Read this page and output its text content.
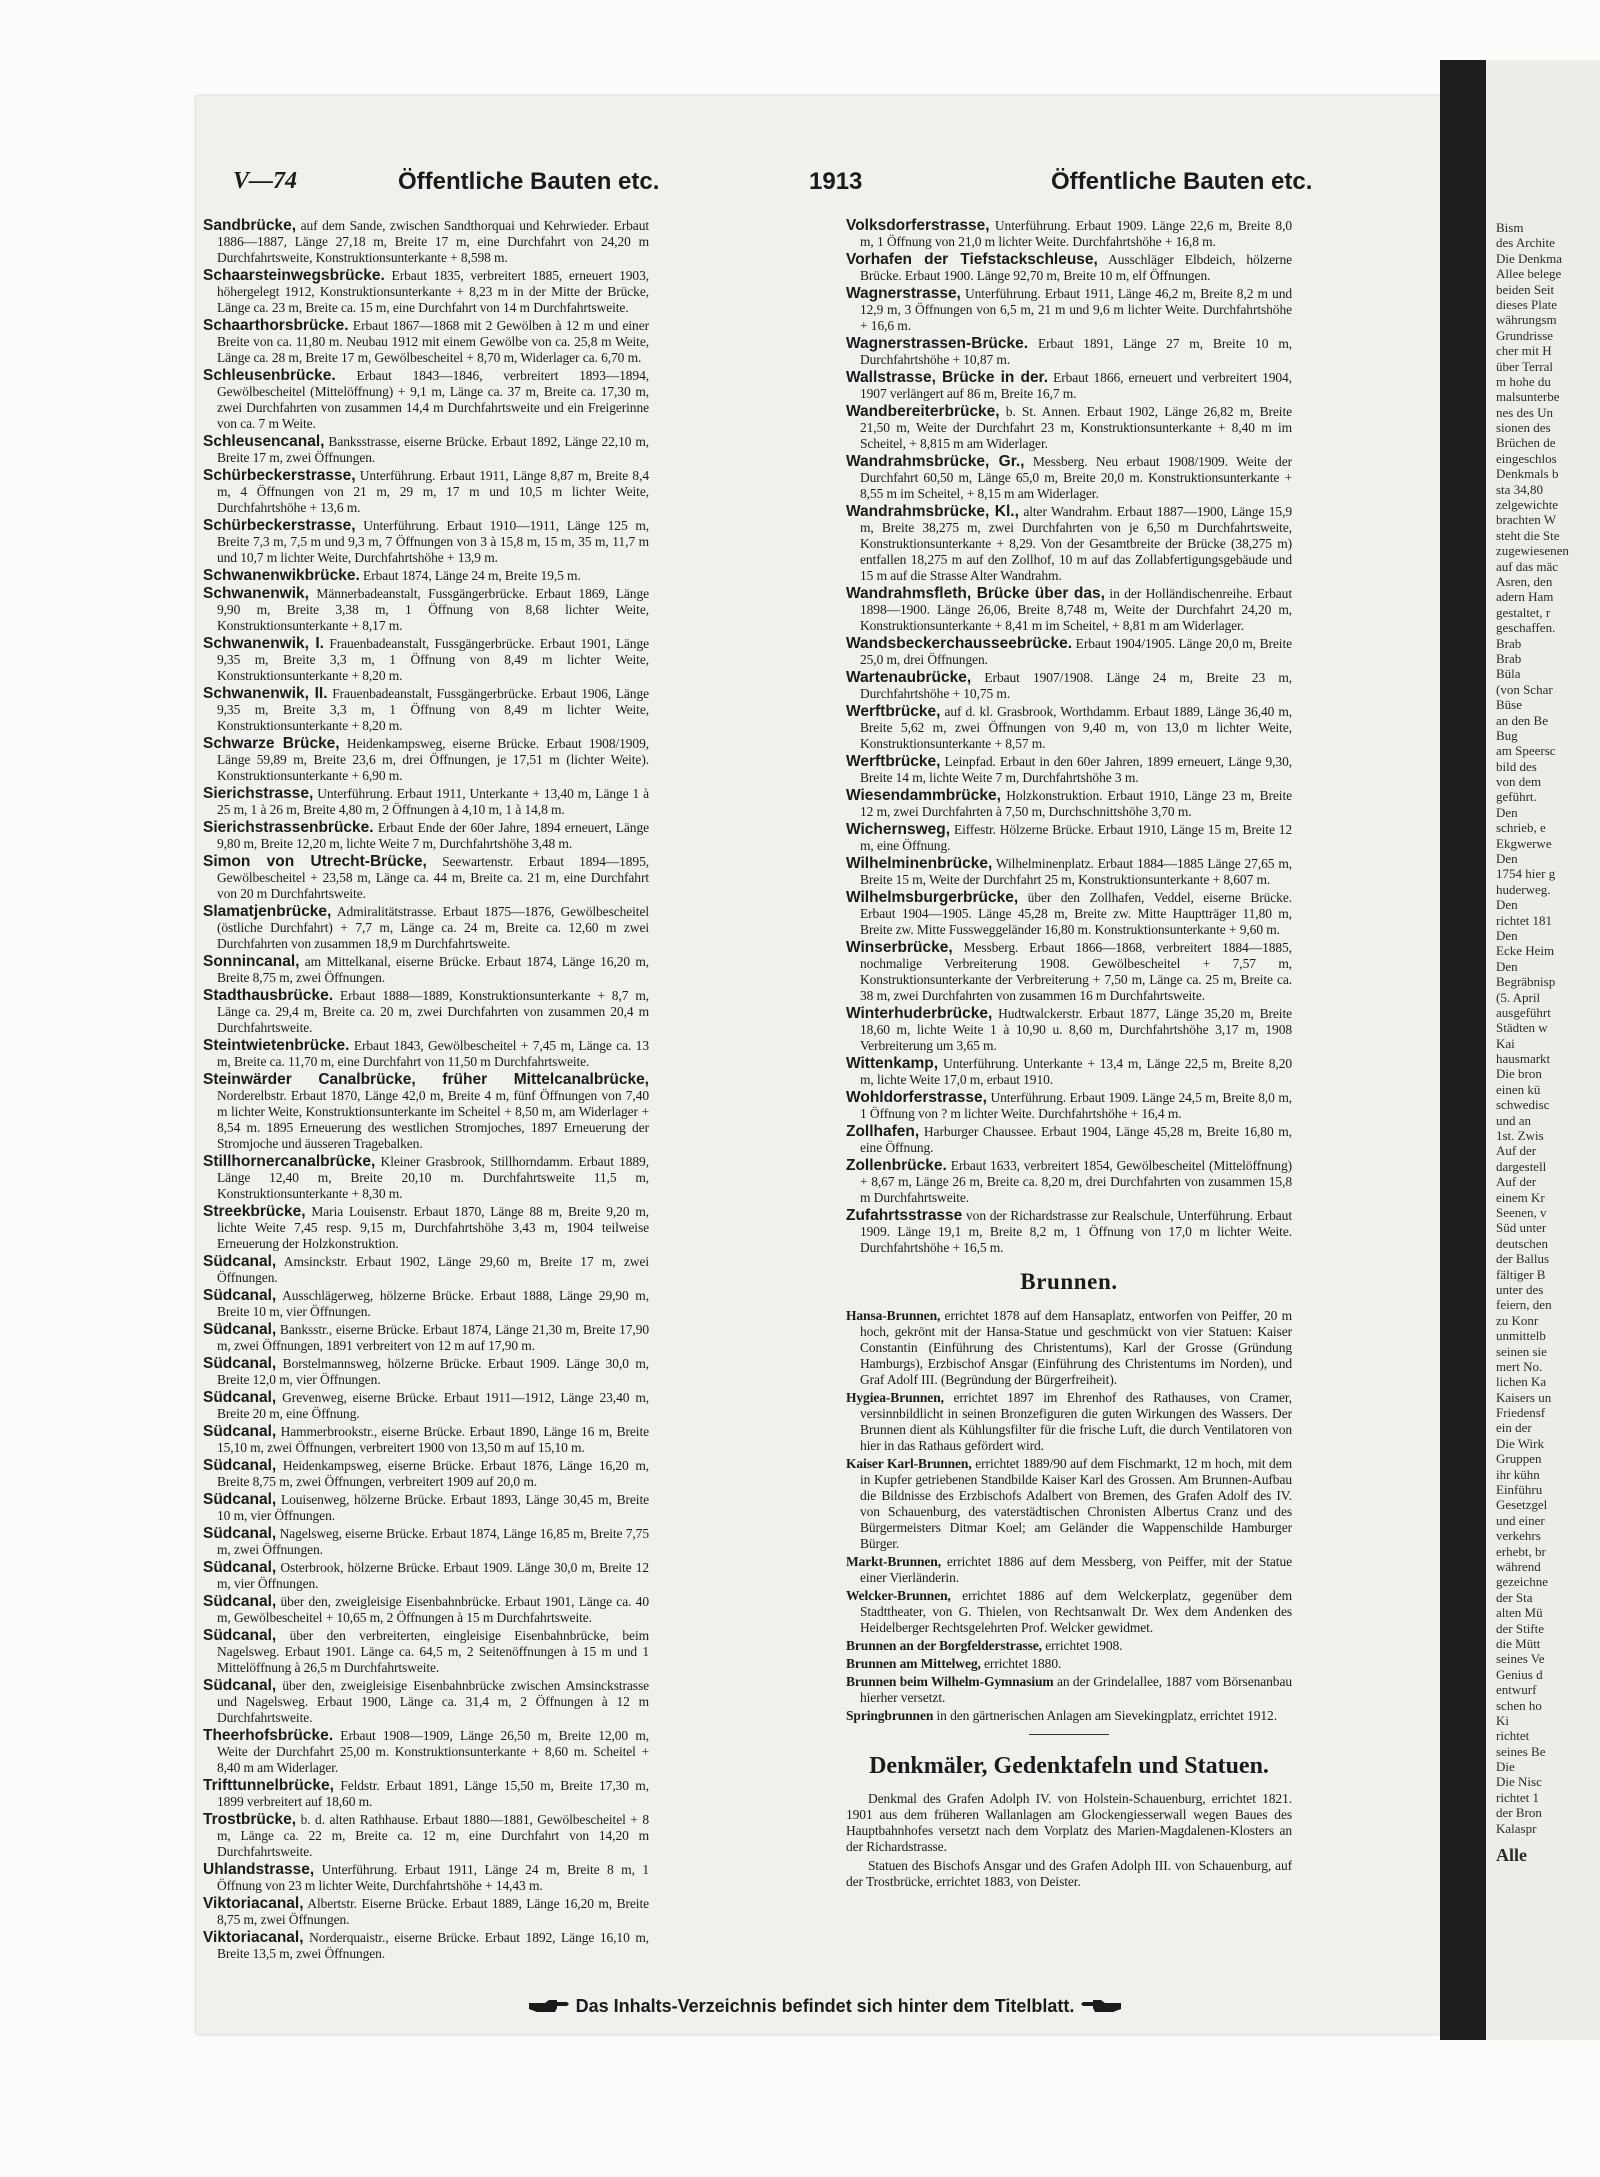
Bism
des Archite
Die Denkma
Allee belege
beiden Seit
dieses Plate
währungsm
Grundrisse
cher mit H
über Terral
m hohe du
malsunterbe
nes des Un
sionen des
Brüchen de
eingeschlos
Denkmals b
sta 34,80
zelgewichte
brachten W
steht die Ste
zugewiesenen
auf das mäc
Asren, den
adern Ham
gestaltet, r
geschaffen.
Brab
Brab
Büla
(von Schar
Büse
an den Be
Bug
am Speersc
bild des
von dem
geführt.
Den
schrieb, e
Ekgwerwe
Den
1754 hier g
huderweg.
Den
richtet 181
Den
Ecke Heim
Den
Begräbnisp
(5. April
ausgeführt
Städten w
Kai
hausmarkt
Die bron
einen kü
schwedisc
und an
1st. Zwis
Auf der
dargestell
Auf der
einem Kr
Seenen, v
Süd unter
deutschen
der Ballus
fältiger B
unter des
feiern, den
zu Konr
unmittelb
seinen sie
mert No.
lichen Ka
Kaisers un
Friedensf
ein der
Die Wirk
Gruppen
ihr kühn
Einführu
Gesetzgel
und einer
verkehrs
erhebt, br
während
gezeichne
der Sta
alten Mü
der Stifte
die Mütt
seines Ve
Genius d
entwurf
schen ho
Ki
richtet
seines Be
Die
Die Nisc
richtet 1
der Bron
Kalaspr
Alle
V—74	Öffentliche Bauten etc.	1913	Öffentliche Bauten etc.
Sandbrücke, auf dem Sande, zwischen Sandthorquai und Kehrwieder. Erbaut 1886—1887, Länge 27,18 m, Breite 17 m, eine Durchfahrt von 24,20 m Durchfahrtsweite, Konstruktionsunterkante + 8,598 m.
Schaarsteinwegsbrücke. Erbaut 1835, verbreitert 1885, erneuert 1903, höhergelegt 1912, Konstruktionsunterkante + 8,23 m in der Mitte der Brücke, Länge ca. 23 m, Breite ca. 15 m, eine Durchfahrt von 14 m Durchfahrtsweite.
Schaarthorsbrücke. Erbaut 1867—1868 mit 2 Gewölben à 12 m und einer Breite von ca. 11,80 m. Neubau 1912 mit einem Gewölbe von ca. 25,8 m Weite, Länge ca. 28 m, Breite 17 m, Gewölbescheitel + 8,70 m, Widerlager ca. 6,70 m.
Schleusenbrücke. Erbaut 1843—1846, verbreitert 1893—1894, Gewölbescheitel (Mittelöffnung) + 9,1 m, Länge ca. 37 m, Breite ca. 17,30 m, zwei Durchfahrten von zusammen 14,4 m Durchfahrtsweite und ein Freigerinne von ca. 7 m Weite.
Schleusencanal, Banksstrasse, eiserne Brücke. Erbaut 1892, Länge 22,10 m, Breite 17 m, zwei Öffnungen.
Schürbeckerstrasse, Unterführung. Erbaut 1911, Länge 8,87 m, Breite 8,4 m, 4 Öffnungen von 21 m, 29 m, 17 m und 10,5 m lichter Weite, Durchfahrtshöhe + 13,6 m.
Schürbeckerstrasse, Unterführung. Erbaut 1910—1911, Länge 125 m, Breite 7,3 m, 7,5 m und 9,3 m, 7 Öffnungen von 3 à 15,8 m, 15 m, 35 m, 11,7 m und 10,7 m lichter Weite, Durchfahrtshöhe + 13,9 m.
Schwanenwikbrücke. Erbaut 1874, Länge 24 m, Breite 19,5 m.
Schwanenwik, Männerbadeanstalt, Fussgängerbrücke. Erbaut 1869, Länge 9,90 m, Breite 3,38 m, 1 Öffnung von 8,68 lichter Weite, Konstruktionsunterkante + 8,17 m.
Schwanenwik, I. Frauenbadeanstalt, Fussgängerbrücke. Erbaut 1901, Länge 9,35 m, Breite 3,3 m, 1 Öffnung von 8,49 m lichter Weite, Konstruktionsunterkante + 8,20 m.
Schwanenwik, II. Frauenbadeanstalt, Fussgängerbrücke. Erbaut 1906, Länge 9,35 m, Breite 3,3 m, 1 Öffnung von 8,49 m lichter Weite, Konstruktionsunterkante + 8,20 m.
Schwarze Brücke, Heidenkampsweg, eiserne Brücke. Erbaut 1908/1909, Länge 59,89 m, Breite 23,6 m, drei Öffnungen, je 17,51 m (lichter Weite). Konstruktionsunterkante + 6,90 m.
Sierichstrasse, Unterführung. Erbaut 1911, Unterkante + 13,40 m, Länge 1 à 25 m, 1 à 26 m, Breite 4,80 m, 2 Öffnungen à 4,10 m, 1 à 14,8 m.
Sierichstrassenbrücke. Erbaut Ende der 60er Jahre, 1894 erneuert, Länge 9,80 m, Breite 12,20 m, lichte Weite 7 m, Durchfahrtshöhe 3,48 m.
Simon von Utrecht-Brücke, Seewartenstr. Erbaut 1894—1895, Gewölbescheitel + 23,58 m, Länge ca. 44 m, Breite ca. 21 m, eine Durchfahrt von 20 m Durchfahrtsweite.
Slamatjenbrücke, Admiralitätstrasse. Erbaut 1875—1876, Gewölbescheitel (östliche Durchfahrt) + 7,7 m, Länge ca. 24 m, Breite ca. 12,60 m zwei Durchfahrten von zusammen 18,9 m Durchfahrtsweite.
Sonnincanal, am Mittelkanal, eiserne Brücke. Erbaut 1874, Länge 16,20 m, Breite 8,75 m, zwei Öffnungen.
Stadthausbrücke. Erbaut 1888—1889, Konstruktionsunterkante + 8,7 m, Länge ca. 29,4 m, Breite ca. 20 m, zwei Durchfahrten von zusammen 20,4 m Durchfahrtsweite.
Steintwietenbrücke. Erbaut 1843, Gewölbescheitel + 7,45 m, Länge ca. 13 m, Breite ca. 11,70 m, eine Durchfahrt von 11,50 m Durchfahrtsweite.
Steinwärder Canalbrücke, früher Mittelcanalbrücke, Norderelbstr. Erbaut 1870, Länge 42,0 m, Breite 4 m, fünf Öffnungen von 7,40 m lichter Weite, Konstruktionsunterkante im Scheitel + 8,50 m, am Widerlager + 8,54 m. 1895 Erneuerung des westlichen Stromjoches, 1897 Erneuerung der Stromjoche und äusseren Tragebalken.
Stillhornercanalbrücke, Kleiner Grasbrook, Stillhorndamm. Erbaut 1889, Länge 12,40 m, Breite 20,10 m. Durchfahrtsweite 11,5 m, Konstruktionsunterkante + 8,30 m.
Streekbrücke, Maria Louisenstr. Erbaut 1870, Länge 88 m, Breite 9,20 m, lichte Weite 7,45 resp. 9,15 m, Durchfahrtshöhe 3,43 m, 1904 teilweise Erneuerung der Holzkonstruktion.
Südcanal, Amsinckstr. Erbaut 1902, Länge 29,60 m, Breite 17 m, zwei Öffnungen.
Südcanal, Ausschlägerweg, hölzerne Brücke. Erbaut 1888, Länge 29,90 m, Breite 10 m, vier Öffnungen.
Südcanal, Banksstr., eiserne Brücke. Erbaut 1874, Länge 21,30 m, Breite 17,90 m, zwei Öffnungen, 1891 verbreitert von 12 m auf 17,90 m.
Südcanal, Borstelmannsweg, hölzerne Brücke. Erbaut 1909. Länge 30,0 m, Breite 12,0 m, vier Öffnungen.
Südcanal, Grevenweg, eiserne Brücke. Erbaut 1911—1912, Länge 23,40 m, Breite 20 m, eine Öffnung.
Südcanal, Hammerbrookstr., eiserne Brücke. Erbaut 1890, Länge 16 m, Breite 15,10 m, zwei Öffnungen, verbreitert 1900 von 13,50 m auf 15,10 m.
Südcanal, Heidenkampsweg, eiserne Brücke. Erbaut 1876, Länge 16,20 m, Breite 8,75 m, zwei Öffnungen, verbreitert 1909 auf 20,0 m.
Südcanal, Louisenweg, hölzerne Brücke. Erbaut 1893, Länge 30,45 m, Breite 10 m, vier Öffnungen.
Südcanal, Nagelsweg, eiserne Brücke. Erbaut 1874, Länge 16,85 m, Breite 7,75 m, zwei Öffnungen.
Südcanal, Osterbrook, hölzerne Brücke. Erbaut 1909. Länge 30,0 m, Breite 12 m, vier Öffnungen.
Südcanal, über den, zweigleisige Eisenbahnbrücke. Erbaut 1901, Länge ca. 40 m, Gewölbescheitel + 10,65 m, 2 Öffnungen à 15 m Durchfahrtsweite.
Südcanal, über den verbreiterten, eingleisige Eisenbahnbrücke, beim Nagelsweg. Erbaut 1901. Länge ca. 64,5 m, 2 Seitenöffnungen à 15 m und 1 Mittelöffnung à 26,5 m Durchfahrtsweite.
Südcanal, über den, zweigleisige Eisenbahnbrücke zwischen Amsinckstrasse und Nagelsweg. Erbaut 1900, Länge ca. 31,4 m, 2 Öffnungen à 12 m Durchfahrtsweite.
Theerhofsbrücke. Erbaut 1908—1909, Länge 26,50 m, Breite 12,00 m, Weite der Durchfahrt 25,00 m. Konstruktionsunterkante + 8,60 m. Scheitel + 8,40 m am Widerlager.
Trifttunnelbrücke, Feldstr. Erbaut 1891, Länge 15,50 m, Breite 17,30 m, 1899 verbreitert auf 18,60 m.
Trostbrücke, b. d. alten Rathhause. Erbaut 1880—1881, Gewölbescheitel + 8 m, Länge ca. 22 m, Breite ca. 12 m, eine Durchfahrt von 14,20 m Durchfahrtsweite.
Uhlandstrasse, Unterführung. Erbaut 1911, Länge 24 m, Breite 8 m, 1 Öffnung von 23 m lichter Weite, Durchfahrtshöhe + 14,43 m.
Viktoriacanal, Albertstr. Eiserne Brücke. Erbaut 1889, Länge 16,20 m, Breite 8,75 m, zwei Öffnungen.
Viktoriacanal, Norderquaistr., eiserne Brücke. Erbaut 1892, Länge 16,10 m, Breite 13,5 m, zwei Öffnungen.
Volksdorferstrasse, Unterführung. Erbaut 1909. Länge 22,6 m, Breite 8,0 m, 1 Öffnung von 21,0 m lichter Weite. Durchfahrtshöhe + 16,8 m.
Vorhafen der Tiefstackschleuse, Ausschläger Elbdeich, hölzerne Brücke. Erbaut 1900. Länge 92,70 m, Breite 10 m, elf Öffnungen.
Wagnerstrasse, Unterführung. Erbaut 1911, Länge 46,2 m, Breite 8,2 m und 12,9 m, 3 Öffnungen von 6,5 m, 21 m und 9,6 m lichter Weite. Durchfahrtshöhe + 16,6 m.
Wagnerstrassen-Brücke. Erbaut 1891, Länge 27 m, Breite 10 m, Durchfahrtshöhe + 10,87 m.
Wallstrasse, Brücke in der. Erbaut 1866, erneuert und verbreitert 1904, 1907 verlängert auf 86 m, Breite 16,7 m.
Wandbereiterbrücke, b. St. Annen. Erbaut 1902, Länge 26,82 m, Breite 21,50 m, Weite der Durchfahrt 23 m, Konstruktionsunterkante + 8,40 m im Scheitel, + 8,815 m am Widerlager.
Wandrahmsbrücke, Gr., Messberg. Neu erbaut 1908/1909. Weite der Durchfahrt 60,50 m, Länge 65,0 m, Breite 20,0 m. Konstruktionsunterkante + 8,55 m im Scheitel, + 8,15 m am Widerlager.
Wandrahmsbrücke, Kl., alter Wandrahm. Erbaut 1887—1900, Länge 15,9 m, Breite 38,275 m, zwei Durchfahrten von je 6,50 m Durchfahrtsweite, Konstruktionsunterkante + 8,29. Von der Gesamtbreite der Brücke (38,275 m) entfallen 18,275 m auf den Zollhof, 10 m auf das Zollabfertigungsgebäude und 15 m auf die Strasse Alter Wandrahm.
Wandrahmsfleth, Brücke über das, in der Holländischenreihe. Erbaut 1898—1900. Länge 26,06, Breite 8,748 m, Weite der Durchfahrt 24,20 m, Konstruktionsunterkante + 8,41 m im Scheitel, + 8,81 m am Widerlager.
Wandsbeckerchausseebrücke. Erbaut 1904/1905. Länge 20,0 m, Breite 25,0 m, drei Öffnungen.
Wartenaubrücke, Erbaut 1907/1908. Länge 24 m, Breite 23 m, Durchfahrtshöhe + 10,75 m.
Werftbrücke, auf d. kl. Grasbrook, Worthdamm. Erbaut 1889, Länge 36,40 m, Breite 5,62 m, zwei Öffnungen von 9,40 m, von 13,0 m lichter Weite, Konstruktionsunterkante + 8,57 m.
Werftbrücke, Leinpfad. Erbaut in den 60er Jahren, 1899 erneuert, Länge 9,30, Breite 14 m, lichte Weite 7 m, Durchfahrtshöhe 3 m.
Wiesendammbrücke, Holzkonstruktion. Erbaut 1910, Länge 23 m, Breite 12 m, zwei Durchfahrten à 7,50 m, Durchschnittshöhe 3,70 m.
Wichernsweg, Eiffestr. Hölzerne Brücke. Erbaut 1910, Länge 15 m, Breite 12 m, eine Öffnung.
Wilhelminenbrücke, Wilhelminenplatz. Erbaut 1884—1885 Länge 27,65 m, Breite 15 m, Weite der Durchfahrt 25 m, Konstruktionsunterkante + 8,607 m.
Wilhelmsburgerbrücke, über den Zollhafen, Veddel, eiserne Brücke. Erbaut 1904—1905. Länge 45,28 m, Breite zw. Mitte Hauptträger 11,80 m, Breite zw. Mitte Fussweggeländer 16,80 m. Konstruktionsunterkante + 9,60 m.
Winserbrücke, Messberg. Erbaut 1866—1868, verbreitert 1884—1885, nochmalige Verbreiterung 1908. Gewölbescheitel + 7,57 m, Konstruktionsunterkante der Verbreiterung + 7,50 m, Länge ca. 25 m, Breite ca. 38 m, zwei Durchfahrten von zusammen 16 m Durchfahrtsweite.
Winterhuderbrücke, Hudtwalckerstr. Erbaut 1877, Länge 35,20 m, Breite 18,60 m, lichte Weite 1 à 10,90 u. 8,60 m, Durchfahrtshöhe 3,17 m, 1908 Verbreiterung um 3,65 m.
Wittenkamp, Unterführung. Unterkante + 13,4 m, Länge 22,5 m, Breite 8,20 m, lichte Weite 17,0 m, erbaut 1910.
Wohldorferstrasse, Unterführung. Erbaut 1909. Länge 24,5 m, Breite 8,0 m, 1 Öffnung von ? m lichter Weite. Durchfahrtshöhe + 16,4 m.
Zollhafen, Harburger Chaussee. Erbaut 1904, Länge 45,28 m, Breite 16,80 m, eine Öffnung.
Zollenbrücke. Erbaut 1633, verbreitert 1854, Gewölbescheitel (Mittelöffnung) + 8,67 m, Länge 26 m, Breite ca. 8,20 m, drei Durchfahrten von zusammen 15,8 m Durchfahrtsweite.
Zufahrtsstrasse von der Richardstrasse zur Realschule, Unterführung. Erbaut 1909. Länge 19,1 m, Breite 8,2 m, 1 Öffnung von 17,0 m lichter Weite. Durchfahrtshöhe + 16,5 m.
Brunnen.
Hansa-Brunnen, errichtet 1878 auf dem Hansaplatz, entworfen von Peiffer, 20 m hoch, gekrönt mit der Hansa-Statue und geschmückt von vier Statuen: Kaiser Constantin (Einführung des Christentums), Karl der Grosse (Gründung Hamburgs), Erzbischof Ansgar (Einführung des Christentums im Norden), und Graf Adolf III. (Begründung der Bürgerfreiheit).
Hygiea-Brunnen, errichtet 1897 im Ehrenhof des Rathauses, von Cramer, versinnbildlicht in seinen Bronzefiguren die guten Wirkungen des Wassers. Der Brunnen dient als Kühlungsfilter für die frische Luft, die durch Ventilatoren von hier in das Rathaus gefördert wird.
Kaiser Karl-Brunnen, errichtet 1889/90 auf dem Fischmarkt, 12 m hoch, mit dem in Kupfer getriebenen Standbilde Kaiser Karl des Grossen. Am Brunnen-Aufbau die Bildnisse des Erzbischofs Adalbert von Bremen, des Grafen Adolf des IV. von Schauenburg, des vaterstädtischen Chronisten Albertus Cranz und des Bürgermeisters Ditmar Koel; am Geländer die Wappenschilde Hamburger Bürger.
Markt-Brunnen, errichtet 1886 auf dem Messberg, von Peiffer, mit der Statue einer Vierländerin.
Welcker-Brunnen, errichtet 1886 auf dem Welckerplatz, gegenüber dem Stadttheater, von G. Thielen, von Rechtsanwalt Dr. Wex dem Andenken des Heidelberger Rechtsgelehrten Prof. Welcker gewidmet.
Brunnen an der Borgfelderstrasse, errichtet 1908.
Brunnen am Mittelweg, errichtet 1880.
Brunnen beim Wilhelm-Gymnasium an der Grindelallee, 1887 vom Börsenanbau hierher versetzt.
Springbrunnen in den gärtnerischen Anlagen am Sievekingplatz, errichtet 1912.
Denkmäler, Gedenktafeln und Statuen.
Denkmal des Grafen Adolph IV. von Holstein-Schauenburg, errichtet 1821. 1901 aus dem früheren Wallanlagen am Glockengiesserwall wegen Baues des Hauptbahnhofes versetzt nach dem Vorplatz des Marien-Magdalenen-Klosters an der Richardstrasse.
Statuen des Bischofs Ansgar und des Grafen Adolph III. von Schauenburg, auf der Trostbrücke, errichtet 1883, von Deister.
Das Inhalts-Verzeichnis befindet sich hinter dem Titelblatt.
